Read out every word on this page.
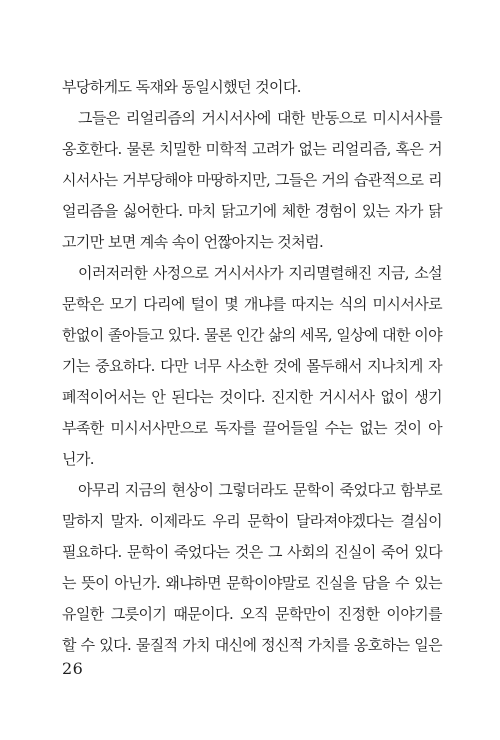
부당하게도 독재와 동일시했던 것이다.
그들은 리얼리즘의 거시서사에 대한 반동으로 미시서사를
옹호한다. 물론 치밀한 미학적 고려가 없는 리얼리즘, 혹은 거
시서사는 거부당해야 마땅하지만, 그들은 거의 습관적으로 리
얼리즘을 싫어한다. 마치 닭고기에 체한 경험이 있는 자가 닭
고기만 보면 계속 속이 언짢아지는 것처럼.
이러저러한 사정으로 거시서사가 지리멸렬해진 지금, 소설
문학은 모기 다리에 털이 몇 개냐를 따지는 식의 미시서사로
한없이 졸아들고 있다. 물론 인간 삶의 세목, 일상에 대한 이야
기는 중요하다. 다만 너무 사소한 것에 몰두해서 지나치게 자
폐적이어서는 안 된다는 것이다. 진지한 거시서사 없이 생기
부족한 미시서사만으로 독자를 끌어들일 수는 없는 것이 아
닌가.
아무리 지금의 현상이 그렇더라도 문학이 죽었다고 함부로
말하지 말자. 이제라도 우리 문학이 달라져야겠다는 결심이
필요하다. 문학이 죽었다는 것은 그 사회의 진실이 죽어 있다
는 뜻이 아닌가. 왜냐하면 문학이야말로 진실을 담을 수 있는
유일한 그릇이기 때문이다. 오직 문학만이 진정한 이야기를
할 수 있다. 물질적 가치 대신에 정신적 가치를 옹호하는 일은
26
